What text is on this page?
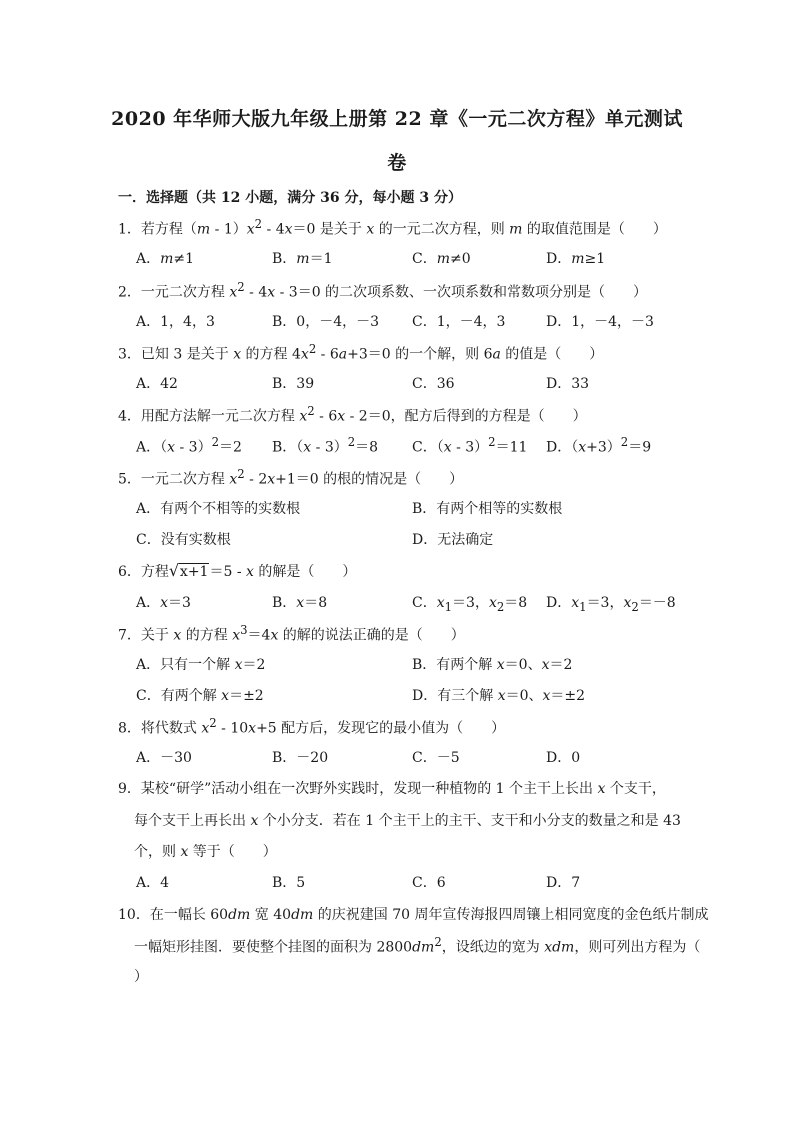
2020 年华师大版九年级上册第 22 章《一元二次方程》单元测试
卷
一．选择题（共 12 小题，满分 36 分，每小题 3 分）
1．若方程$(m - 1)x^2 - 4x=0$ 是关于 x 的一元二次方程，则 m 的取值范围是（　　）
A．m≠1	B．m＝1	C．m≠0	D．m≥1
2．一元二次方程 $x^2 - 4x - 3=0$ 的二次项系数、一次项系数和常数项分别是（　　）
A．1，4，3	B．0，－4，－3 C．1，－4，3	D．1，－4，－3
3．已知 3 是关于 x 的方程 $4x^2 - 6a+3=0$ 的一个解，则 6a 的值是（　　）
A．42	B．39	C．36	D．33
4．用配方法解一元二次方程 $x^2 - 6x - 2=0$，配方后得到的方程是（　　）
A．（x - 3）$^2$＝2 B．（x - 3）$^2$＝8 C．（x - 3）$^2$＝11 D．$(x+3)^2=9$
5．一元二次方程 $x^2 - 2x+1=0$ 的根的情况是（　　）
A．有两个不相等的实数根	B．有两个相等的实数根
C．没有实数根	D．无法确定
6．方程 √ x+1＝5 - x 的解是（　　）
A．x＝3	B．x＝8	C．$x_1=3$，$x_2=8$ D．$x_1=3$，$x_2=-8$
7．关于 x 的方程 $x^3=4x$ 的解的说法正确的是（　　）
A．只有一个解 x＝2	B．有两个解 x＝0、x＝2
C．有两个解 x＝±2	D．有三个解 x＝0、x＝±2
8．将代数式 $x^2 - 10x+5$ 配方后，发现它的最小值为（　　）
A．－30	B．－20	C．－5	D．0
9．某校“研学”活动小组在一次野外实践时，发现一种植物的 1 个主干上长出 x 个支干，
每个支干上再长出 x 个小分支．若在 1 个主干上的主干、支干和小分支的数量之和是 43
个，则 x 等于（　　）
A．4	B．5	C．6	D．7
10．在一幅长 60dm 宽 40dm 的庆祝建国 70 周年宣传海报四周镶上相同宽度的金色纸片制成
一幅矩形挂图．要使整个挂图的面积为 $2800dm^2$，设纸边的宽为 xdm，则可列出方程为（
）
